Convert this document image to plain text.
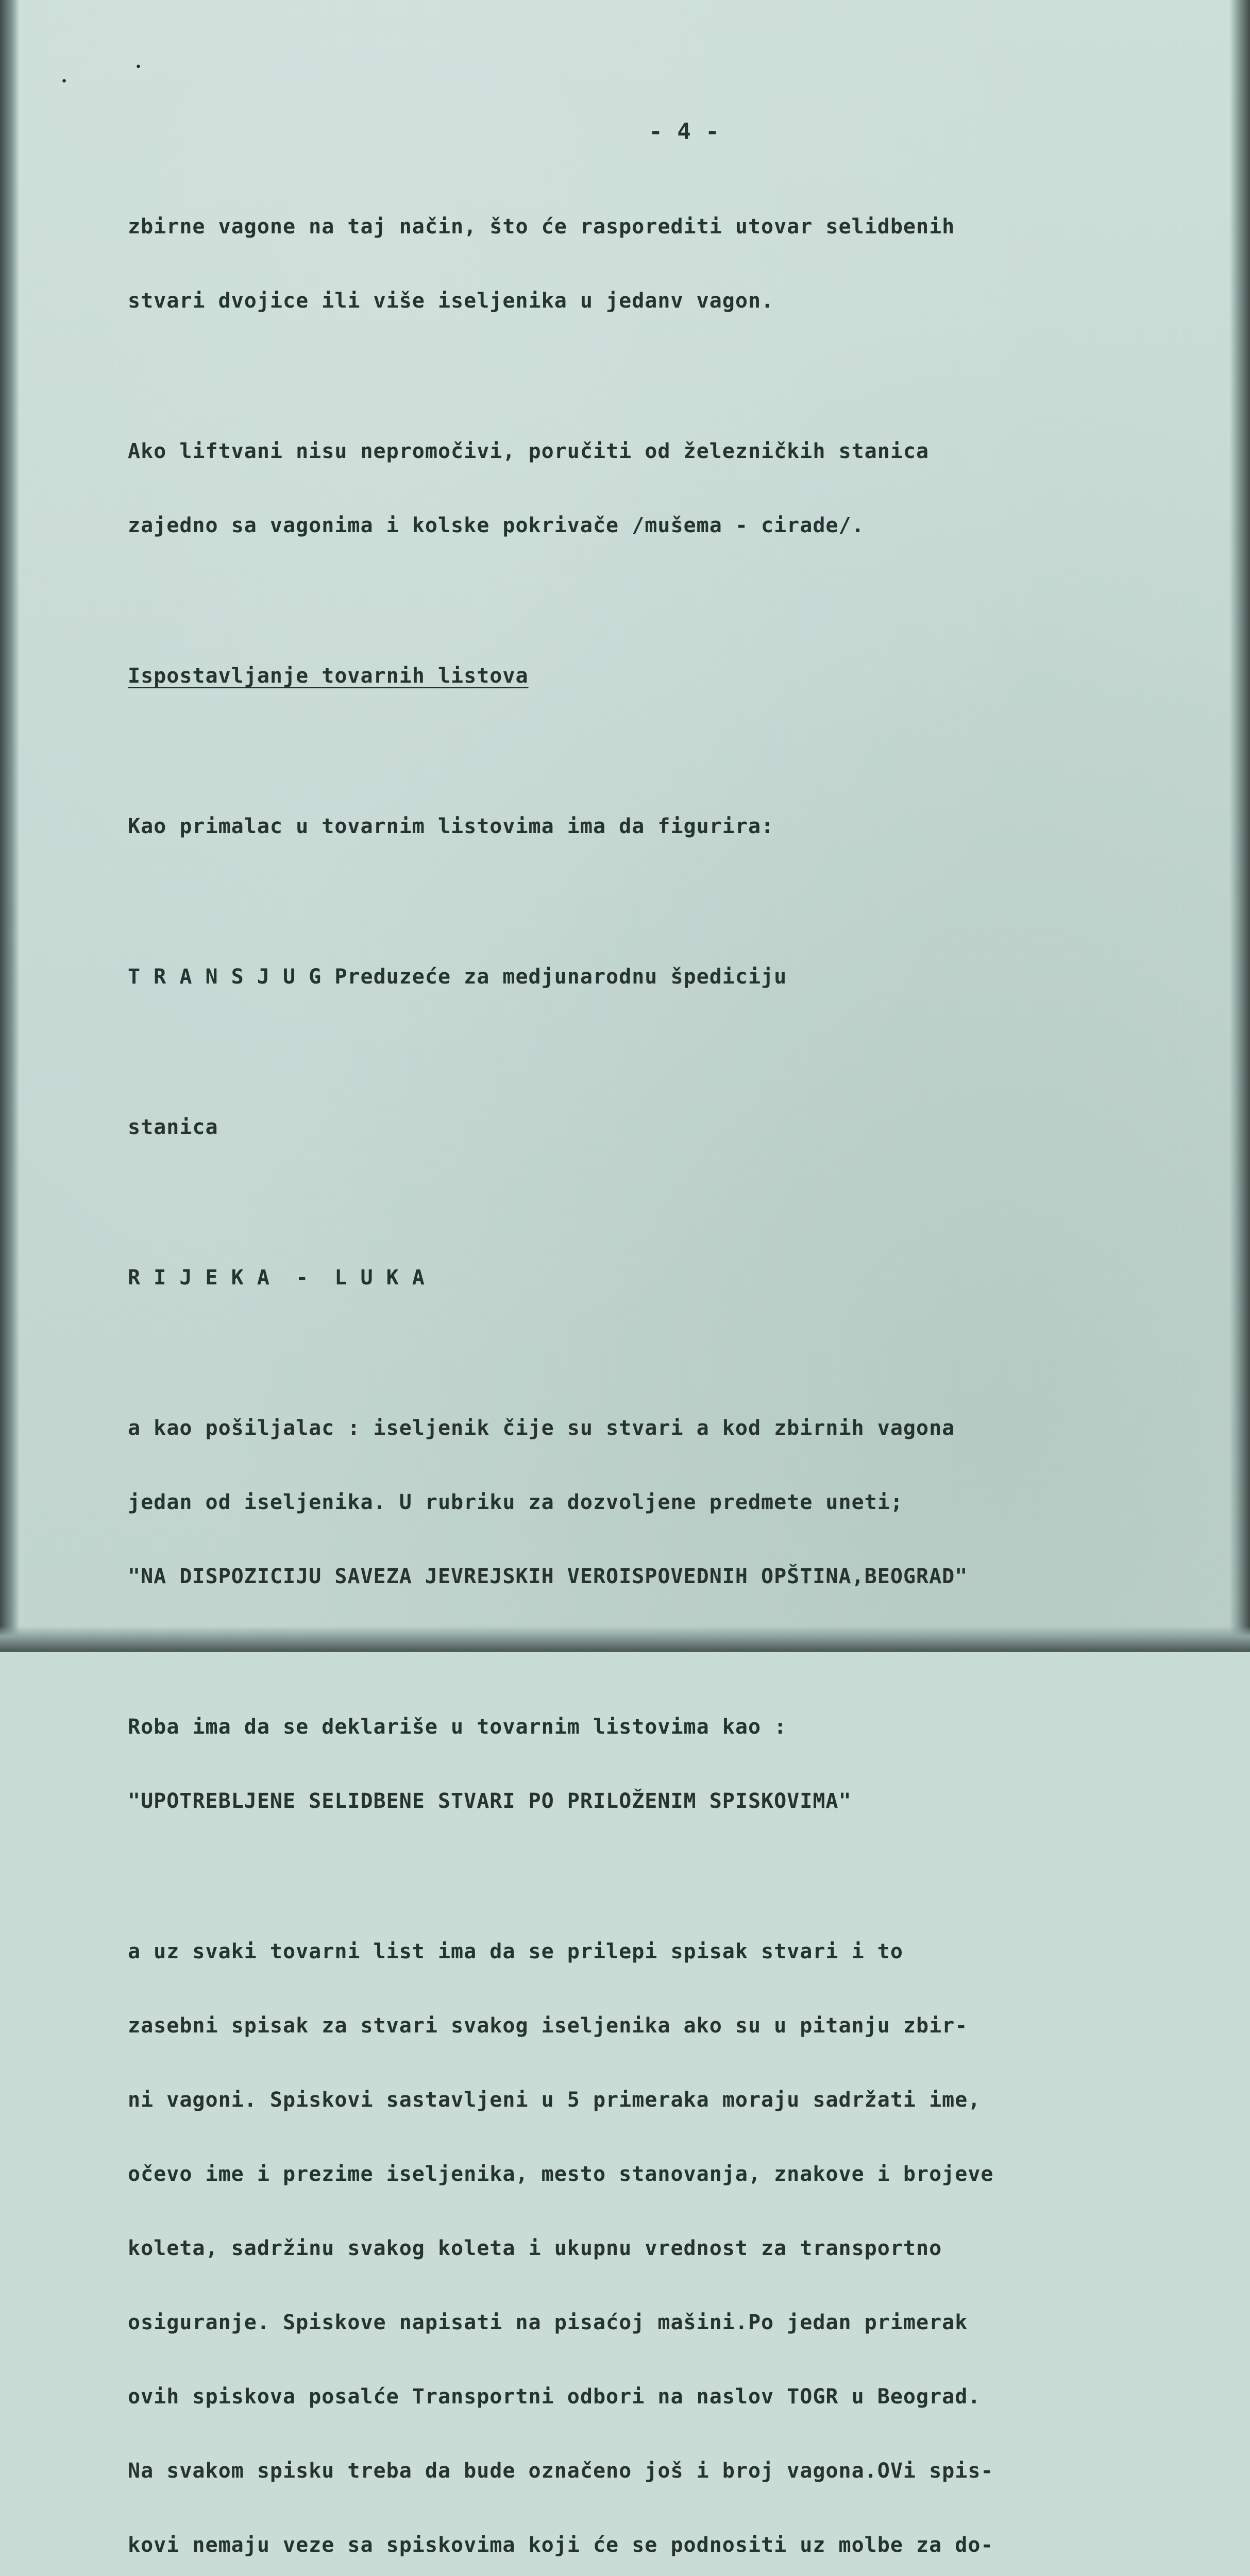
•
•
- 4 -

zbirne vagone na taj način, što će rasporediti utovar selidbenih

stvari dvojice ili više iseljenika u jedanv vagon.

Ako liftvani nisu nepromočivi, poručiti od železničkih stanica

zajedno sa vagonima i kolske pokrivače /mušema - cirade/.

Ispostavljanje tovarnih listova

Kao primalac u tovarnim listovima ima da figurira:

T R A N S J U G Preduzeće za medjunarodnu špediciju

stanica

R I J E K A  -  L U K A

a kao pošiljalac : iseljenik čije su stvari a kod zbirnih vagona

jedan od iseljenika. U rubriku za dozvoljene predmete uneti;

"NA DISPOZICIJU SAVEZA JEVREJSKIH VEROISPOVEDNIH OPŠTINA,BEOGRAD"

Roba ima da se deklariše u tovarnim listovima kao :

"UPOTREBLJENE SELIDBENE STVARI PO PRILOŽENIM SPISKOVIMA"

a uz svaki tovarni list ima da se prilepi spisak stvari i to

zasebni spisak za stvari svakog iseljenika ako su u pitanju zbir-

ni vagoni. Spiskovi sastavljeni u 5 primeraka moraju sadržati ime,

očevo ime i prezime iseljenika, mesto stanovanja, znakove i brojeve

koleta, sadržinu svakog koleta i ukupnu vrednost za transportno

osiguranje. Spiskove napisati na pisaćoj mašini.Po jedan primerak

ovih spiskova posalće Transportni odbori na naslov TOGR u Beograd.

Na svakom spisku treba da bude označeno još i broj vagona.OVi spis-

kovi nemaju veze sa spiskovima koji će se podnositi uz molbe za do-
